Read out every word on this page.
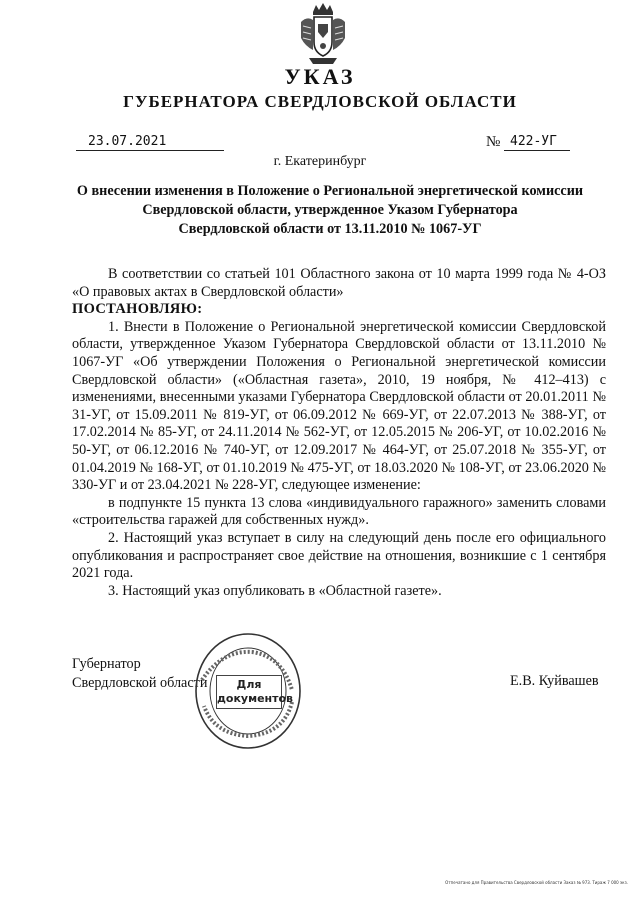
УКАЗ
ГУБЕРНАТОРА СВЕРДЛОВСКОЙ ОБЛАСТИ
23.07.2021	№ 422-УГ
г. Екатеринбург
О внесении изменения в Положение о Региональной энергетической комиссии
Свердловской области, утвержденное Указом Губернатора
Свердловской области от 13.11.2010 № 1067-УГ

В соответствии со статьей 101 Областного закона от 10 марта 1999 года № 4-ОЗ «О правовых актах в Свердловской области»

ПОСТАНОВЛЯЮ:

1. Внести в Положение о Региональной энергетической комиссии Свердловской области, утвержденное Указом Губернатора Свердловской области от 13.11.2010 № 1067-УГ «Об утверждении Положения о Региональной энергетической комиссии Свердловской области» («Областная газета», 2010, 19 ноября, № 412–413) с изменениями, внесенными указами Губернатора Свердловской области от 20.01.2011 № 31-УГ, от 15.09.2011 № 819-УГ, от 06.09.2012 № 669-УГ, от 22.07.2013 № 388-УГ, от 17.02.2014 № 85-УГ, от 24.11.2014 № 562-УГ, от 12.05.2015 № 206-УГ, от 10.02.2016 № 50-УГ, от 06.12.2016 № 740-УГ, от 12.09.2017 № 464-УГ, от 25.07.2018 № 355-УГ, от 01.04.2019 № 168-УГ, от 01.10.2019 № 475-УГ, от 18.03.2020 № 108-УГ, от 23.06.2020 № 330-УГ и от 23.04.2021 № 228-УГ, следующее изменение:

в подпункте 15 пункта 13 слова «индивидуального гаражного» заменить словами «строительства гаражей для собственных нужд».

2. Настоящий указ вступает в силу на следующий день после его официального опубликования и распространяет свое действие на отношения, возникшие с 1 сентября 2021 года.

3. Настоящий указ опубликовать в «Областной газете».

Губернатор
Свердловской области	Е.В. Куйвашев
Для
документов
Отпечатано для Правительства Свердловской области Заказ № 973. Тираж 7 000 экз.
